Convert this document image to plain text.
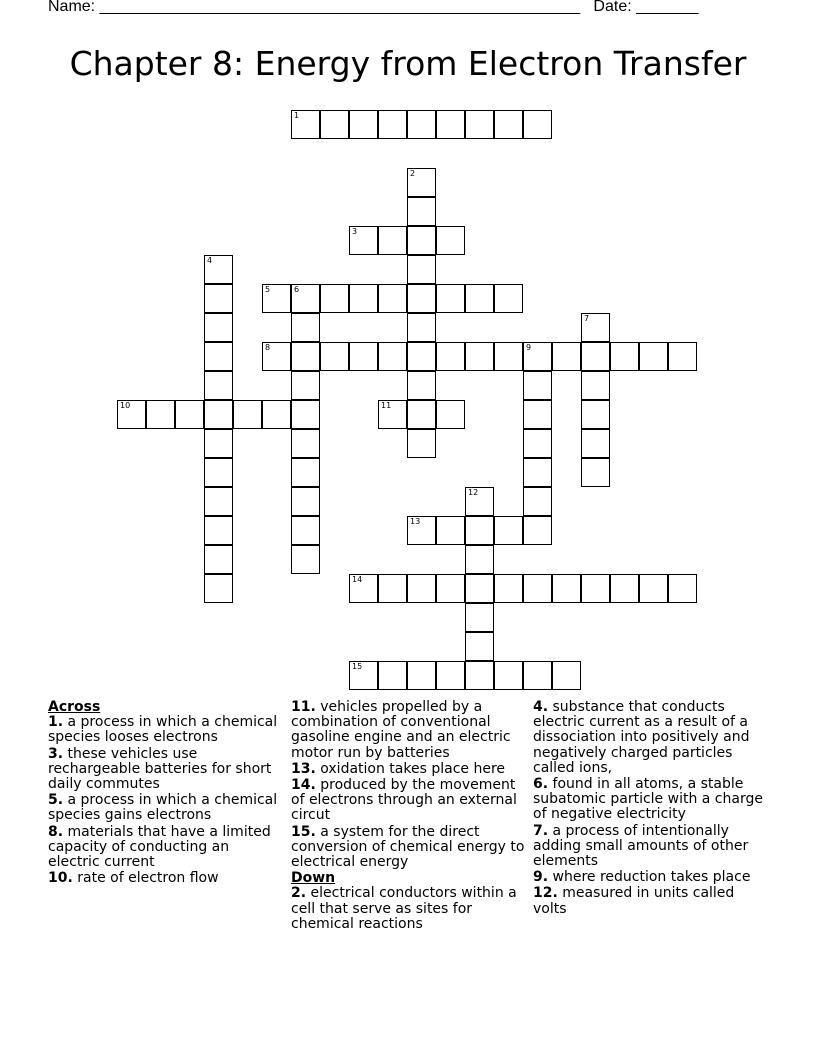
Name: ______________________________________________________   Date: _______
Chapter 8: Energy from Electron Transfer
1
2
3
4
5	6
7
8	9
10	11
12
13
14
15
Across
1. a process in which a chemical species looses electrons
3. these vehicles use rechargeable batteries for short daily commutes
5. a process in which a chemical species gains electrons
8. materials that have a limited capacity of conducting an electric current
10. rate of electron flow
11. vehicles propelled by a combination of conventional gasoline engine and an electric motor run by batteries
13. oxidation takes place here
14. produced by the movement of electrons through an external circut
15. a system for the direct conversion of chemical energy to electrical energy
Down
2. electrical conductors within a cell that serve as sites for chemical reactions
4. substance that conducts electric current as a result of a dissociation into positively and negatively charged particles called ions,
6. found in all atoms, a stable subatomic particle with a charge of negative electricity
7. a process of intentionally adding small amounts of other elements
9. where reduction takes place
12. measured in units called volts
